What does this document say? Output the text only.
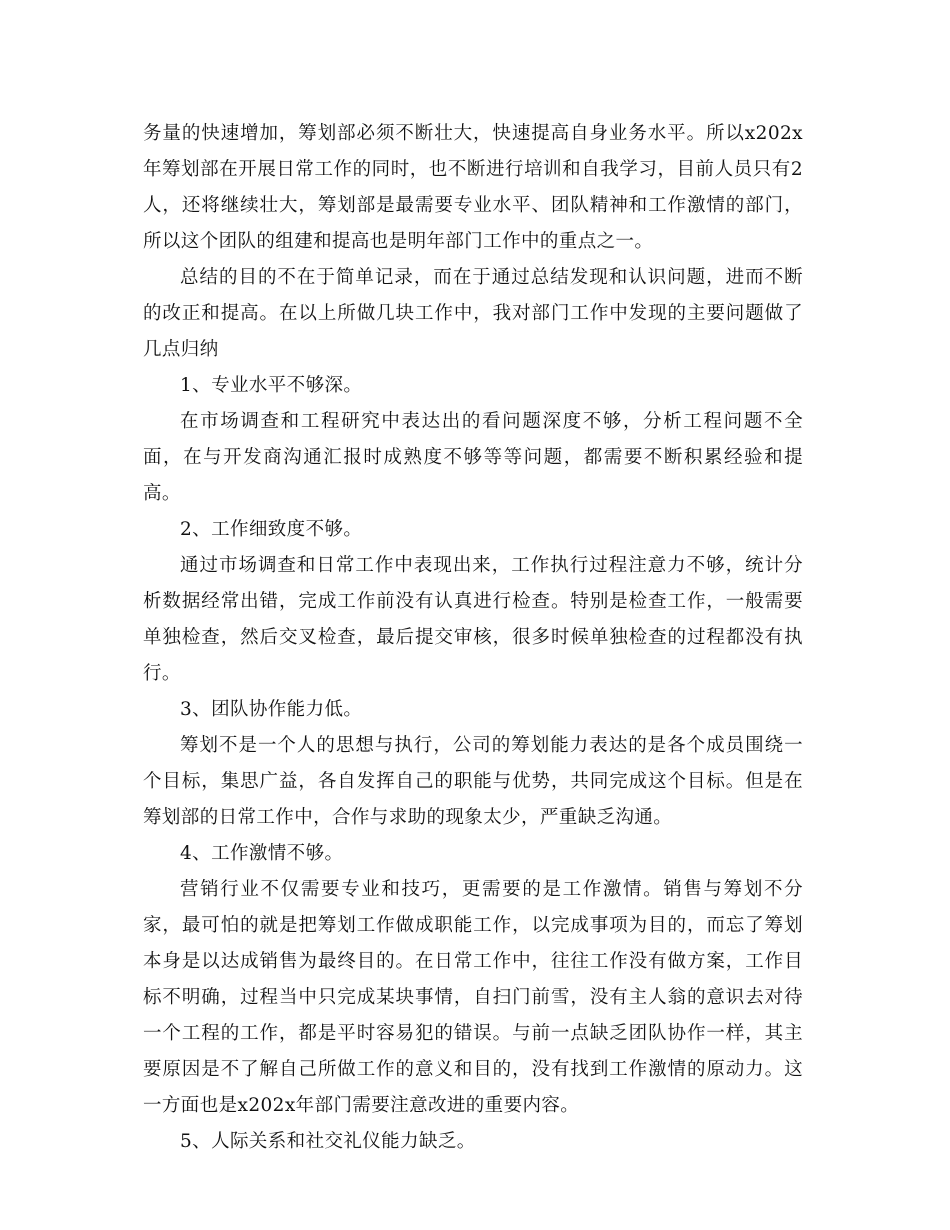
务量的快速增加，筹划部必须不断壮大，快速提高自身业务水平。所以x202x年筹划部在开展日常工作的同时，也不断进行培训和自我学习，目前人员只有2人，还将继续壮大，筹划部是最需要专业水平、团队精神和工作激情的部门，所以这个团队的组建和提高也是明年部门工作中的重点之一。

总结的目的不在于简单记录，而在于通过总结发现和认识问题，进而不断的改正和提高。在以上所做几块工作中，我对部门工作中发现的主要问题做了几点归纳

1、专业水平不够深。

在市场调查和工程研究中表达出的看问题深度不够，分析工程问题不全面，在与开发商沟通汇报时成熟度不够等等问题，都需要不断积累经验和提高。

2、工作细致度不够。

通过市场调查和日常工作中表现出来，工作执行过程注意力不够，统计分析数据经常出错，完成工作前没有认真进行检查。特别是检查工作，一般需要单独检查，然后交叉检查，最后提交审核，很多时候单独检查的过程都没有执行。

3、团队协作能力低。

筹划不是一个人的思想与执行，公司的筹划能力表达的是各个成员围绕一个目标，集思广益，各自发挥自己的职能与优势，共同完成这个目标。但是在筹划部的日常工作中，合作与求助的现象太少，严重缺乏沟通。

4、工作激情不够。

营销行业不仅需要专业和技巧，更需要的是工作激情。销售与筹划不分家，最可怕的就是把筹划工作做成职能工作，以完成事项为目的，而忘了筹划本身是以达成销售为最终目的。在日常工作中，往往工作没有做方案，工作目标不明确，过程当中只完成某块事情，自扫门前雪，没有主人翁的意识去对待一个工程的工作，都是平时容易犯的错误。与前一点缺乏团队协作一样，其主要原因是不了解自己所做工作的意义和目的，没有找到工作激情的原动力。这一方面也是x202x年部门需要注意改进的重要内容。

5、人际关系和社交礼仪能力缺乏。
